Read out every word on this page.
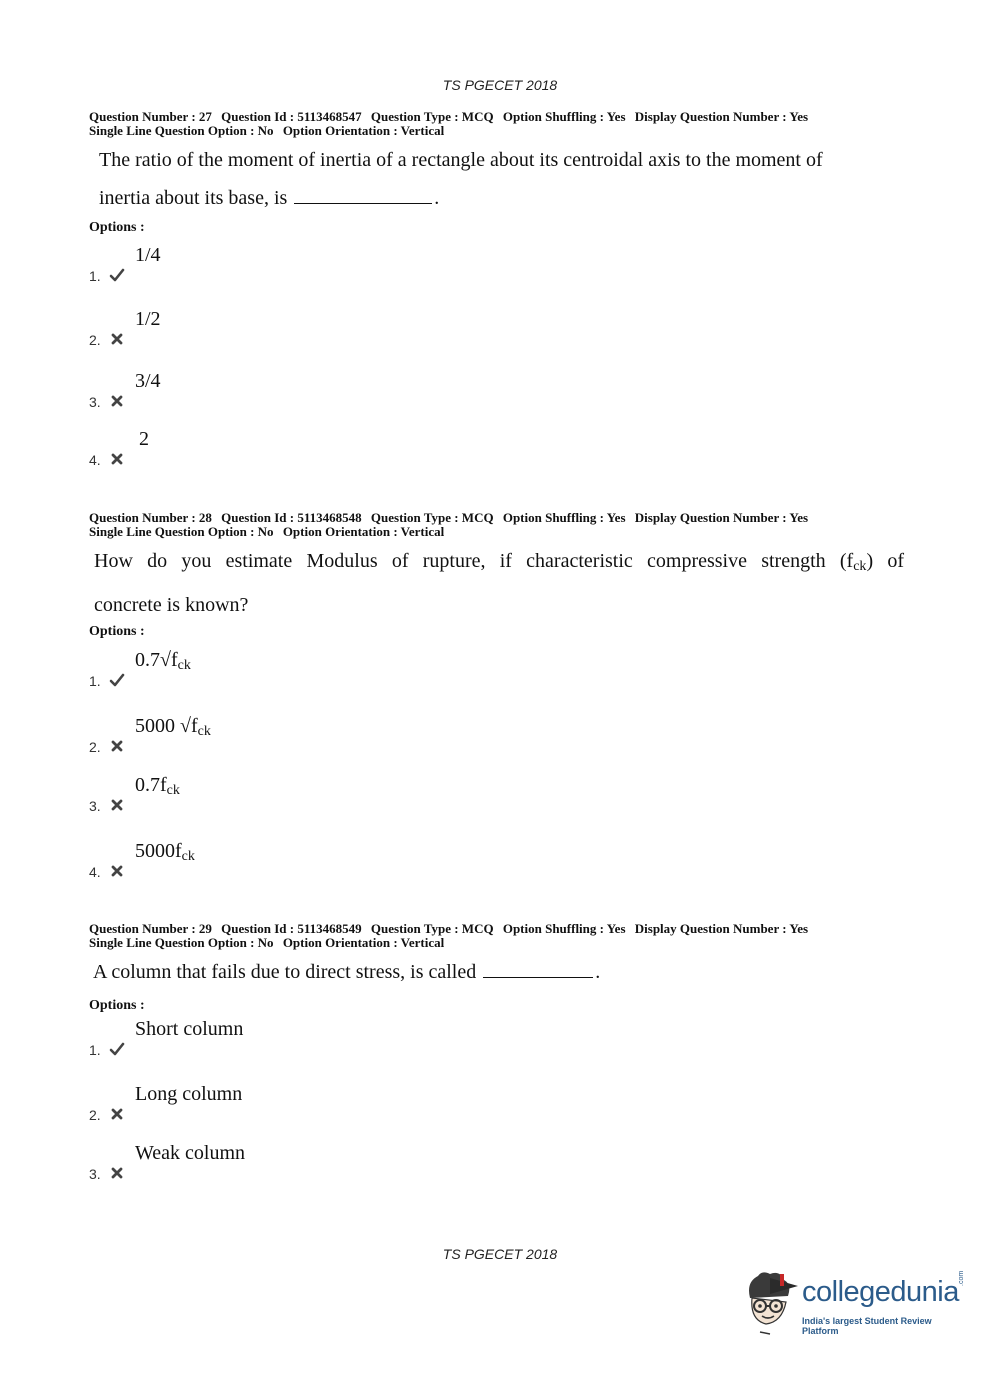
TS PGECET 2018
Question Number : 27 Question Id : 5113468547 Question Type : MCQ Option Shuffling : Yes Display Question Number : Yes
Single Line Question Option : No Option Orientation : Vertical
The ratio of the moment of inertia of a rectangle about its centroidal axis to the moment of
inertia about its base, is	.
Options :
1.
1/4
2.
1/2
3.
3/4
4.
2
Question Number : 28 Question Id : 5113468548 Question Type : MCQ Option Shuffling : Yes Display Question Number : Yes
Single Line Question Option : No Option Orientation : Vertical
How do you estimate Modulus of rupture, if characteristic compressive strength $(f_{ck})$ of
concrete is known?
Options :
1.
$0.7√f_{ck}$
2.
5000 $√f_{ck}$
3.
$0.7f_{ck}$
4.
$5000f_{ck}$
Question Number : 29 Question Id : 5113468549 Question Type : MCQ Option Shuffling : Yes Display Question Number : Yes
Single Line Question Option : No Option Orientation : Vertical
A column that fails due to direct stress, is called	.
Options :
1.
Short column
2.
Long column
3.
Weak column
TS PGECET 2018
collegedunia .com
India's largest Student Review Platform
